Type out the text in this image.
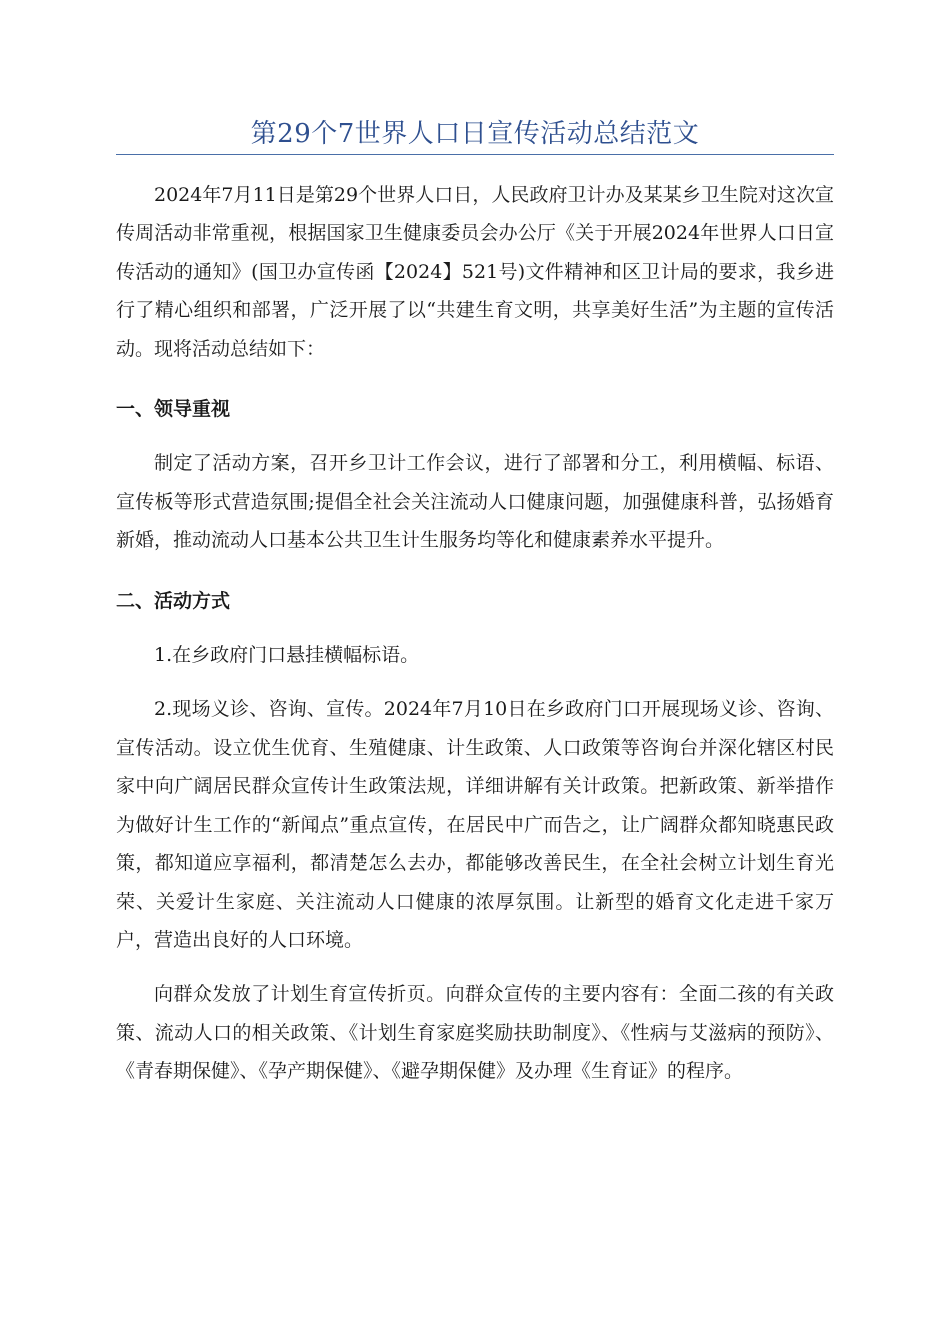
第29个7世界人口日宣传活动总结范文

2024年7月11日是第29个世界人口日，人民政府卫计办及某某乡卫生院对这次宣传周活动非常重视，根据国家卫生健康委员会办公厅《关于开展2024年世界人口日宣传活动的通知》(国卫办宣传函【2024】521号)文件精神和区卫计局的要求，我乡进行了精心组织和部署，广泛开展了以“共建生育文明，共享美好生活”为主题的宣传活动。现将活动总结如下：

一、领导重视

制定了活动方案，召开乡卫计工作会议，进行了部署和分工，利用横幅、标语、宣传板等形式营造氛围;提倡全社会关注流动人口健康问题，加强健康科普，弘扬婚育新婚，推动流动人口基本公共卫生计生服务均等化和健康素养水平提升。

二、活动方式

1.在乡政府门口悬挂横幅标语。

2.现场义诊、咨询、宣传。2024年7月10日在乡政府门口开展现场义诊、咨询、宣传活动。设立优生优育、生殖健康、计生政策、人口政策等咨询台并深化辖区村民家中向广阔居民群众宣传计生政策法规，详细讲解有关计政策。把新政策、新举措作为做好计生工作的“新闻点”重点宣传，在居民中广而告之，让广阔群众都知晓惠民政策，都知道应享福利，都清楚怎么去办，都能够改善民生，在全社会树立计划生育光荣、关爱计生家庭、关注流动人口健康的浓厚氛围。让新型的婚育文化走进千家万户，营造出良好的人口环境。

向群众发放了计划生育宣传折页。向群众宣传的主要内容有：全面二孩的有关政策、流动人口的相关政策、《计划生育家庭奖励扶助制度》、《性病与艾滋病的预防》、《青春期保健》、《孕产期保健》、《避孕期保健》及办理《生育证》的程序。
